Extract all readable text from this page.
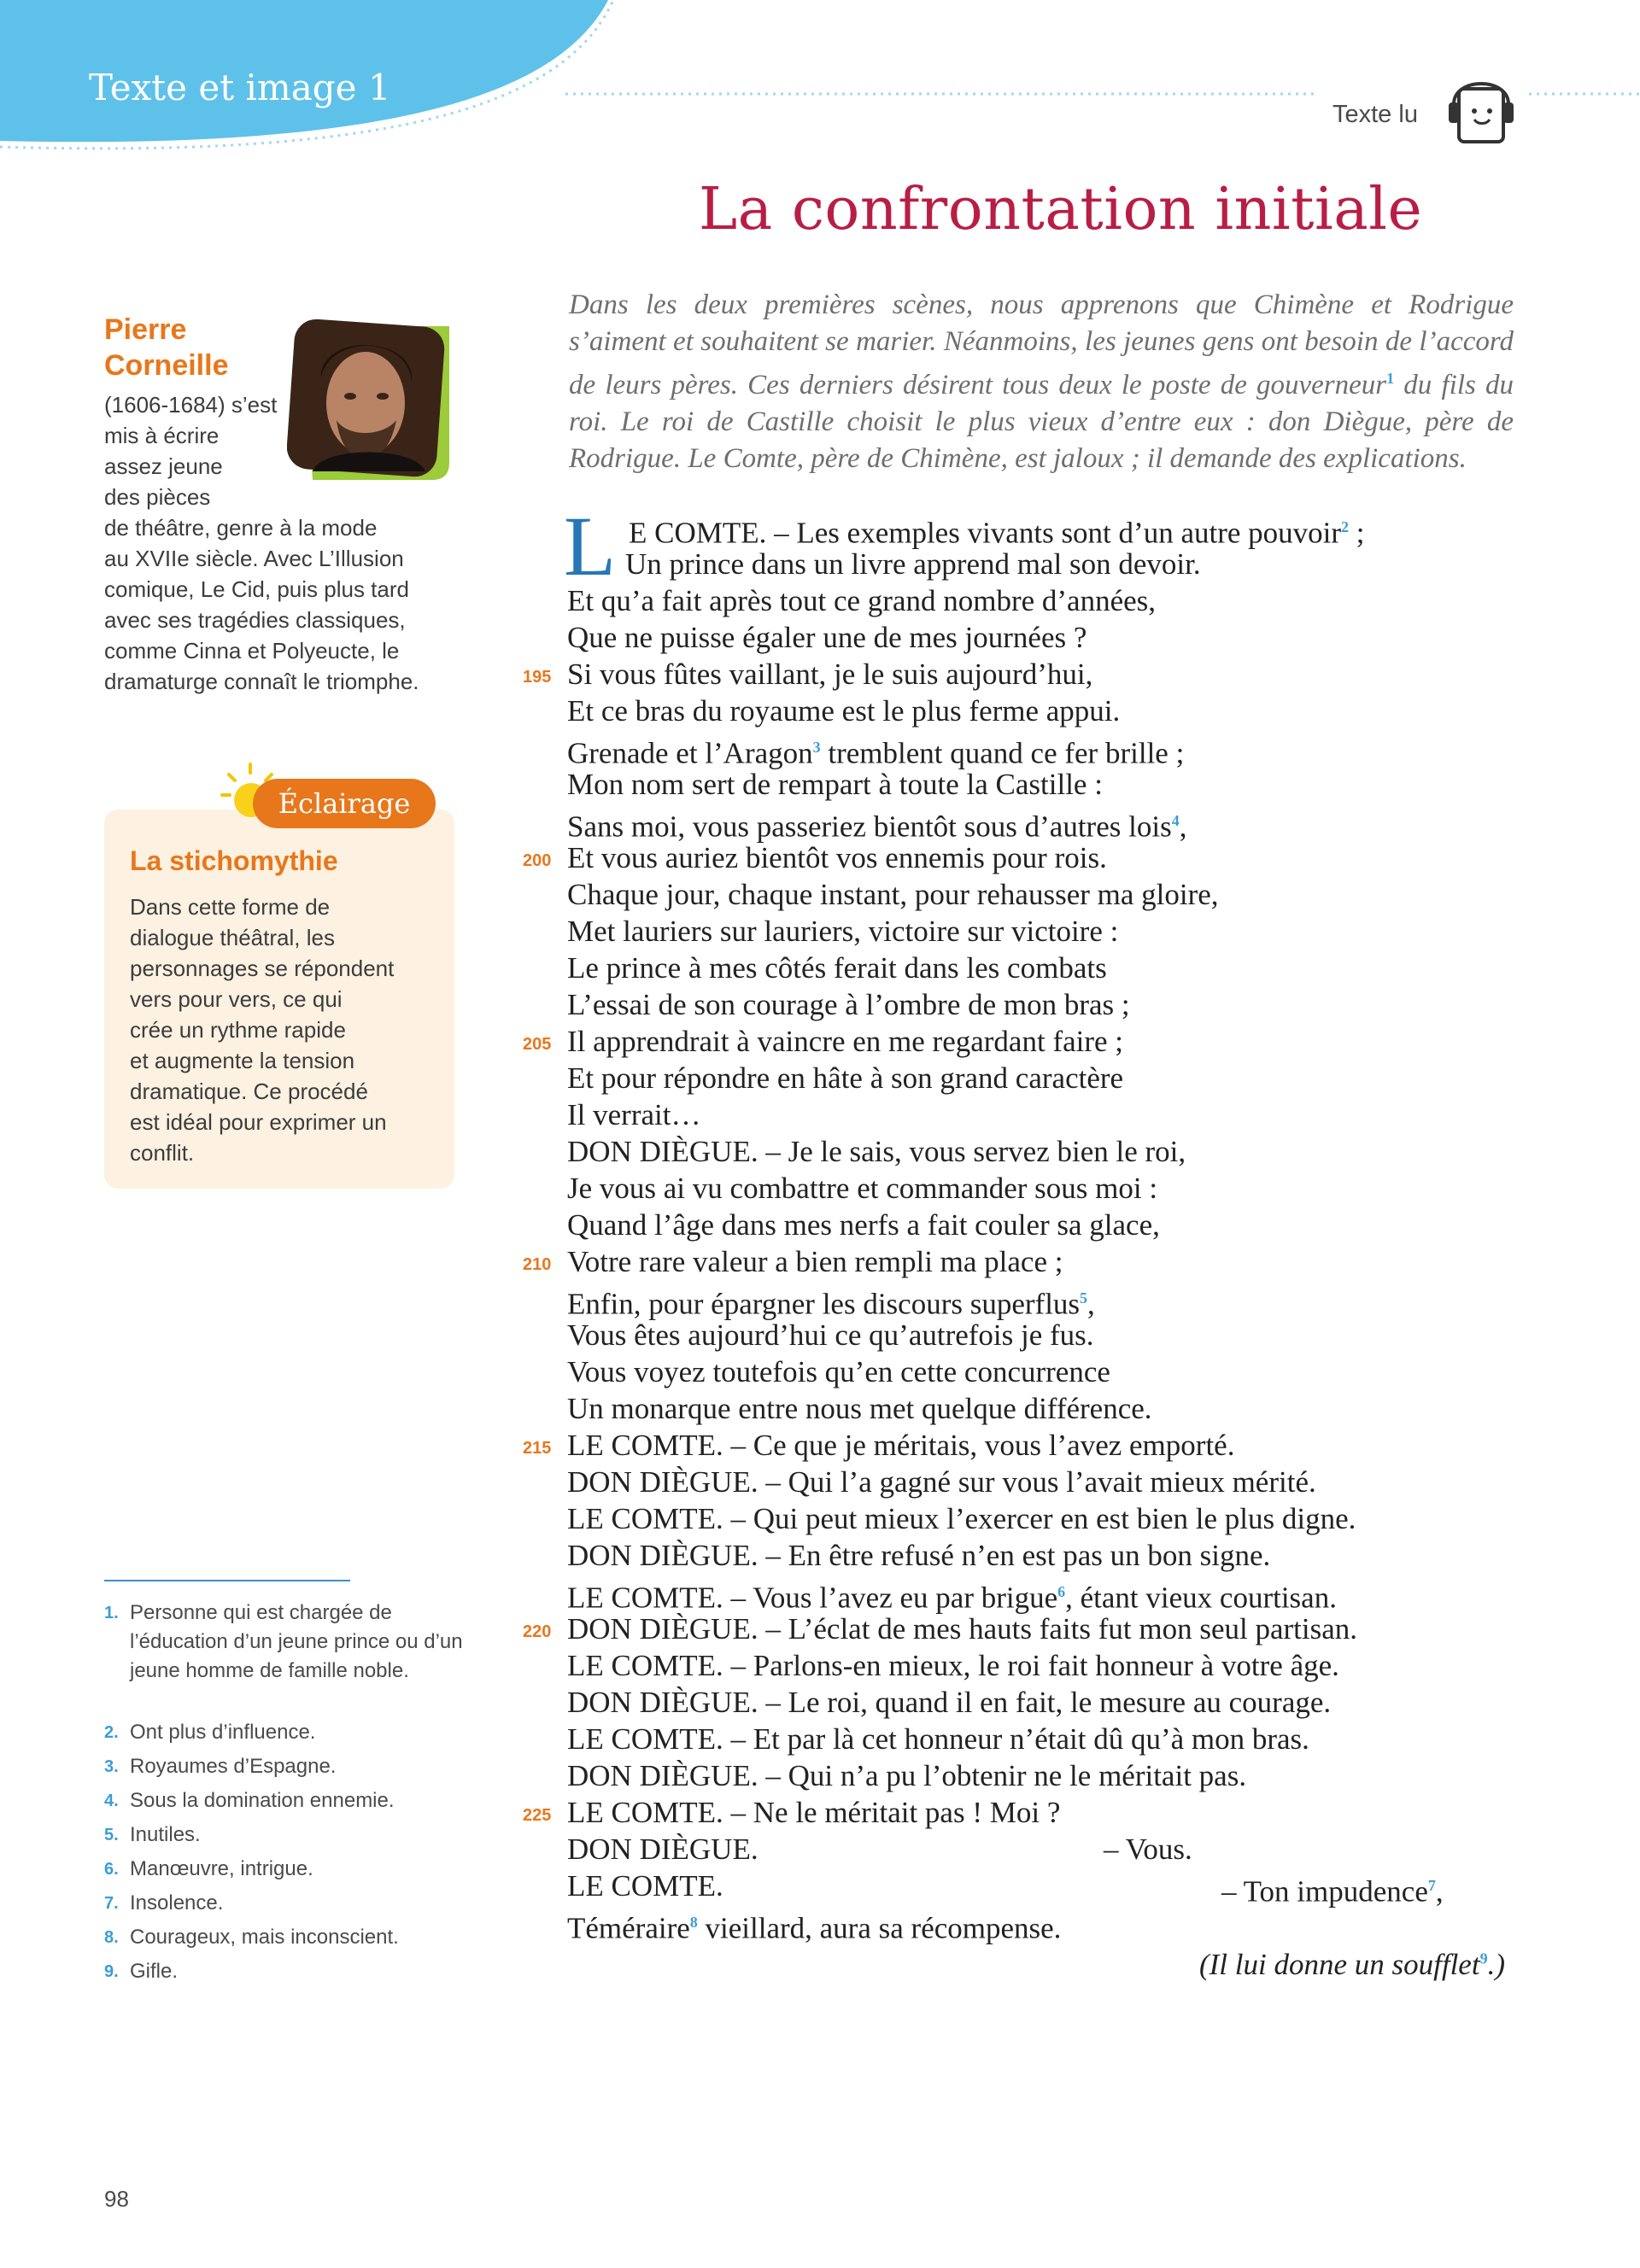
Texte et image 1
Texte lu
La confrontation initiale
Pierre
Corneille
(1606-1684) s’est
mis à écrire
assez jeune
des pièces
de théâtre, genre à la mode
au XVIIe siècle. Avec L’Illusion
comique, Le Cid, puis plus tard
avec ses tragédies classiques,
comme Cinna et Polyeucte, le
dramaturge connaît le triomphe.
Éclairage
La stichomythie
Dans cette forme de
dialogue théâtral, les
personnages se répondent
vers pour vers, ce qui
crée un rythme rapide
et augmente la tension
dramatique. Ce procédé
est idéal pour exprimer un
conflit.
1. Personne qui est chargée de l’éducation d’un jeune prince ou d’un jeune homme de famille noble.
2. Ont plus d’influence.
3. Royaumes d’Espagne.
4. Sous la domination ennemie.
5. Inutiles.
6. Manœuvre, intrigue.
7. Insolence.
8. Courageux, mais inconscient.
9. Gifle.
98
Dans les deux premières scènes, nous apprenons que Chimène et Rodrigue s’aiment et souhaitent se marier. Néanmoins, les jeunes gens ont besoin de l’accord de leurs pères. Ces derniers désirent tous deux le poste de gouverneur$^1$ du fils du roi. Le roi de Castille choisit le plus vieux d’entre eux : don Diègue, père de Rodrigue. Le Comte, père de Chimène, est jaloux ; il demande des explications.
L E COMTE. – Les exemples vivants sont d’un autre pouvoir$^2$ ;
Un prince dans un livre apprend mal son devoir.
Et qu’a fait après tout ce grand nombre d’années,
Que ne puisse égaler une de mes journées ?
Si vous fûtes vaillant, je le suis aujourd’hui,
Et ce bras du royaume est le plus ferme appui.
Grenade et l’Aragon$^3$ tremblent quand ce fer brille ;
Mon nom sert de rempart à toute la Castille :
Sans moi, vous passeriez bientôt sous d’autres lois$^4$,
Et vous auriez bientôt vos ennemis pour rois.
Chaque jour, chaque instant, pour rehausser ma gloire,
Met lauriers sur lauriers, victoire sur victoire :
Le prince à mes côtés ferait dans les combats
L’essai de son courage à l’ombre de mon bras ;
Il apprendrait à vaincre en me regardant faire ;
Et pour répondre en hâte à son grand caractère
Il verrait…
DON DIÈGUE. – Je le sais, vous servez bien le roi,
Je vous ai vu combattre et commander sous moi :
Quand l’âge dans mes nerfs a fait couler sa glace,
Votre rare valeur a bien rempli ma place ;
Enfin, pour épargner les discours superflus$^5$,
Vous êtes aujourd’hui ce qu’autrefois je fus.
Vous voyez toutefois qu’en cette concurrence
Un monarque entre nous met quelque différence.
LE COMTE. – Ce que je méritais, vous l’avez emporté.
DON DIÈGUE. – Qui l’a gagné sur vous l’avait mieux mérité.
LE COMTE. – Qui peut mieux l’exercer en est bien le plus digne.
DON DIÈGUE. – En être refusé n’en est pas un bon signe.
LE COMTE. – Vous l’avez eu par brigue$^6$, étant vieux courtisan.
DON DIÈGUE. – L’éclat de mes hauts faits fut mon seul partisan.
LE COMTE. – Parlons-en mieux, le roi fait honneur à votre âge.
DON DIÈGUE. – Le roi, quand il en fait, le mesure au courage.
LE COMTE. – Et par là cet honneur n’était dû qu’à mon bras.
DON DIÈGUE. – Qui n’a pu l’obtenir ne le méritait pas.
LE COMTE. – Ne le méritait pas ! Moi ?
DON DIÈGUE.	– Vous.
LE COMTE.	– Ton impudence$^7$,
Téméraire$^8$ vieillard, aura sa récompense.
(Il lui donne un soufflet$^9$.)
195
200
205
210
215
220
225
